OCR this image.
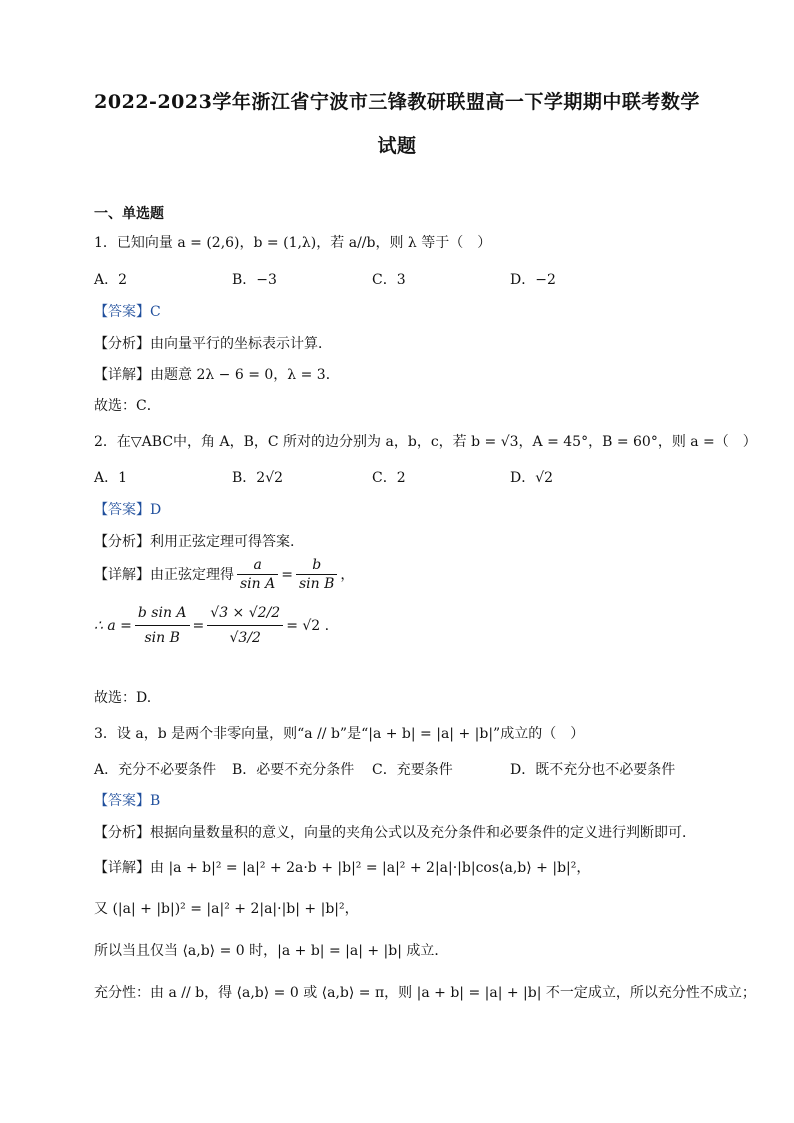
2022-2023学年浙江省宁波市三锋教研联盟高一下学期期中联考数学
试题
一、单选题
1．已知向量 a = (2,6)，b = (1,λ)，若 a//b，则 λ 等于（　）
A．2	B．−3	C．3	D．−2
【答案】C
【分析】由向量平行的坐标表示计算．
【详解】由题意 2λ − 6 = 0，λ = 3．
故选：C．
2．在▽ABC中，角 A，B，C 所对的边分别为 a，b，c，若 b = √3，A = 45°，B = 60°，则 a =（　）
A．1	B．2√2	C．2	D．√2
【答案】D
【分析】利用正弦定理可得答案.
【详解】由正弦定理得 $\frac{a}{\text{sin A}} = \frac{b}{\text{sin B}}$ ，
∴ $a = \frac{\text{b sin A}}{\text{sin B}} = \frac{√3 \times √2/2}{√3/2} = √2$ .
故选：D.
3．设 a，b 是两个非零向量，则“a // b”是“|a + b| = |a| + |b|”成立的（　）
A．充分不必要条件 B．必要不充分条件 C．充要条件	D．既不充分也不必要条件
【答案】B
【分析】根据向量数量积的意义，向量的夹角公式以及充分条件和必要条件的定义进行判断即可．
【详解】由 |a + b|² = |a|² + 2a·b + |b|² = |a|² + 2|a|·|b|cos⟨a,b⟩ + |b|²，
又 (|a| + |b|)² = |a|² + 2|a|·|b| + |b|²，
所以当且仅当 ⟨a,b⟩ = 0 时，|a + b| = |a| + |b| 成立．
充分性：由 a // b，得 ⟨a,b⟩ = 0 或 ⟨a,b⟩ = π，则 |a + b| = |a| + |b| 不一定成立，所以充分性不成立；
